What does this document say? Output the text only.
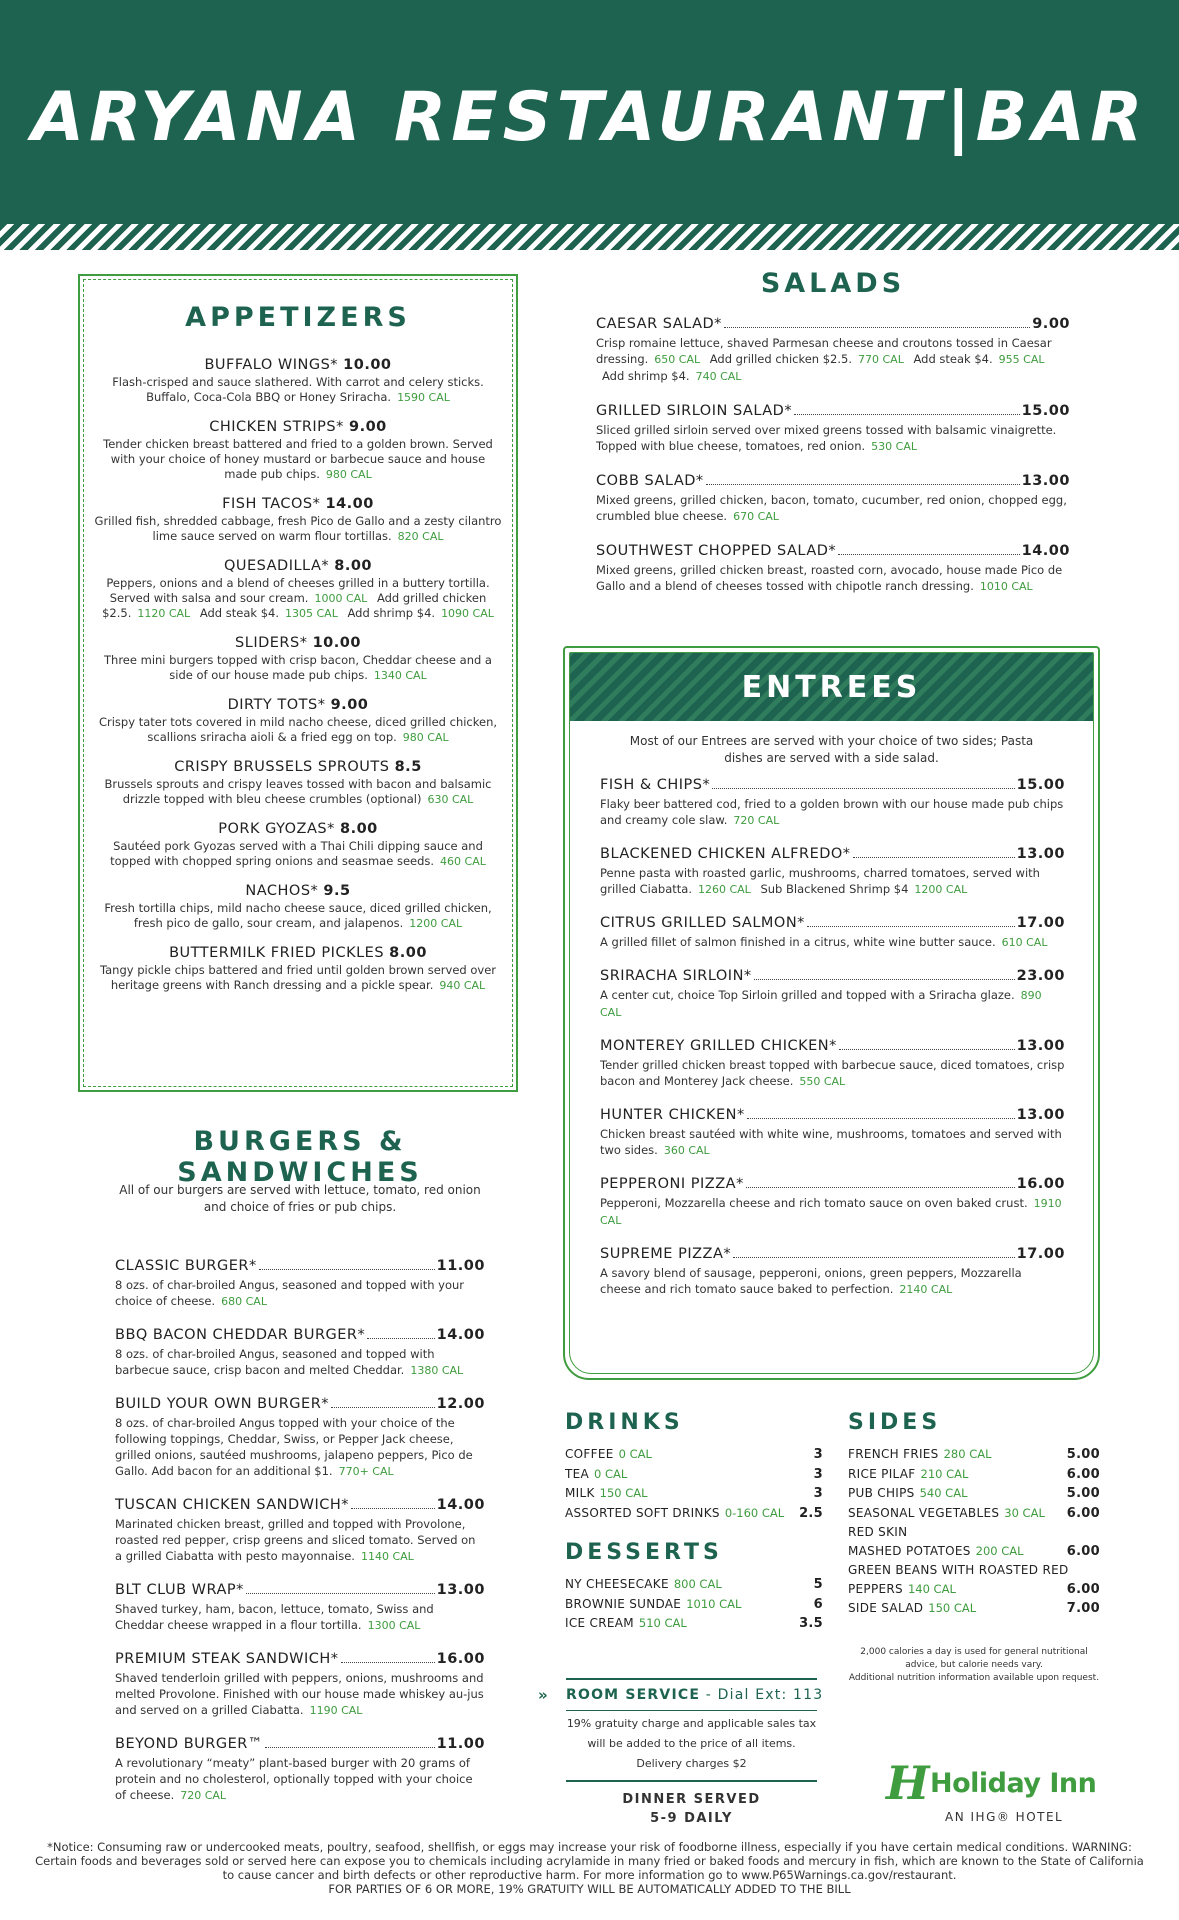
ARYANA RESTAURANT|BAR
APPETIZERS
BUFFALO WINGS* 10.00
Flash-crisped and sauce slathered. With carrot and celery sticks. Buffalo, Coca-Cola BBQ or Honey Sriracha. 1590 CAL
CHICKEN STRIPS* 9.00
Tender chicken breast battered and fried to a golden brown. Served with your choice of honey mustard or barbecue sauce and house made pub chips. 980 CAL
FISH TACOS* 14.00
Grilled fish, shredded cabbage, fresh Pico de Gallo and a zesty cilantro lime sauce served on warm flour tortillas. 820 CAL
QUESADILLA* 8.00
Peppers, onions and a blend of cheeses grilled in a buttery tortilla. Served with salsa and sour cream. 1000 CAL Add grilled chicken $2.5. 1120 CAL Add steak $4. 1305 CAL Add shrimp $4. 1090 CAL
SLIDERS* 10.00
Three mini burgers topped with crisp bacon, Cheddar cheese and a side of our house made pub chips. 1340 CAL
DIRTY TOTS* 9.00
Crispy tater tots covered in mild nacho cheese, diced grilled chicken, scallions sriracha aioli & a fried egg on top. 980 CAL
CRISPY BRUSSELS SPROUTS 8.5
Brussels sprouts and crispy leaves tossed with bacon and balsamic drizzle topped with bleu cheese crumbles (optional) 630 CAL
PORK GYOZAS* 8.00
Sautéed pork Gyozas served with a Thai Chili dipping sauce and topped with chopped spring onions and seasmae seeds. 460 CAL
NACHOS* 9.5
Fresh tortilla chips, mild nacho cheese sauce, diced grilled chicken, fresh pico de gallo, sour cream, and jalapenos. 1200 CAL
BUTTERMILK FRIED PICKLES 8.00
Tangy pickle chips battered and fried until golden brown served over heritage greens with Ranch dressing and a pickle spear. 940 CAL
SALADS
CAESAR SALAD*	9.00
Crisp romaine lettuce, shaved Parmesan cheese and croutons tossed in Caesar dressing. 650 CAL Add grilled chicken $2.5. 770 CAL Add steak $4. 955 CAL Add shrimp $4. 740 CAL
GRILLED SIRLOIN SALAD*	15.00
Sliced grilled sirloin served over mixed greens tossed with balsamic vinaigrette. Topped with blue cheese, tomatoes, red onion. 530 CAL
COBB SALAD*	13.00
Mixed greens, grilled chicken, bacon, tomato, cucumber, red onion, chopped egg, crumbled blue cheese. 670 CAL
SOUTHWEST CHOPPED SALAD*	14.00
Mixed greens, grilled chicken breast, roasted corn, avocado, house made Pico de Gallo and a blend of cheeses tossed with chipotle ranch dressing. 1010 CAL
ENTREES
Most of our Entrees are served with your choice of two sides; Pasta dishes are served with a side salad.
FISH & CHIPS*	15.00
Flaky beer battered cod, fried to a golden brown with our house made pub chips and creamy cole slaw. 720 CAL
BLACKENED CHICKEN ALFREDO*	13.00
Penne pasta with roasted garlic, mushrooms, charred tomatoes, served with grilled Ciabatta. 1260 CAL Sub Blackened Shrimp $4 1200 CAL
CITRUS GRILLED SALMON*	17.00
A grilled fillet of salmon finished in a citrus, white wine butter sauce. 610 CAL
SRIRACHA SIRLOIN*	23.00
A center cut, choice Top Sirloin grilled and topped with a Sriracha glaze. 890 CAL
MONTEREY GRILLED CHICKEN*	13.00
Tender grilled chicken breast topped with barbecue sauce, diced tomatoes, crisp bacon and Monterey Jack cheese. 550 CAL
HUNTER CHICKEN*	13.00
Chicken breast sautéed with white wine, mushrooms, tomatoes and served with two sides. 360 CAL
PEPPERONI PIZZA*	16.00
Pepperoni, Mozzarella cheese and rich tomato sauce on oven baked crust. 1910 CAL
SUPREME PIZZA*	17.00
A savory blend of sausage, pepperoni, onions, green peppers, Mozzarella cheese and rich tomato sauce baked to perfection. 2140 CAL
BURGERS & SANDWICHES
All of our burgers are served with lettuce, tomato, red onion and choice of fries or pub chips.
CLASSIC BURGER*	11.00
8 ozs. of char-broiled Angus, seasoned and topped with your choice of cheese. 680 CAL
BBQ BACON CHEDDAR BURGER*	14.00
8 ozs. of char-broiled Angus, seasoned and topped with barbecue sauce, crisp bacon and melted Cheddar. 1380 CAL
BUILD YOUR OWN BURGER*	12.00
8 ozs. of char-broiled Angus topped with your choice of the following toppings, Cheddar, Swiss, or Pepper Jack cheese, grilled onions, sautéed mushrooms, jalapeno peppers, Pico de Gallo. Add bacon for an additional $1. 770+ CAL
TUSCAN CHICKEN SANDWICH*	14.00
Marinated chicken breast, grilled and topped with Provolone, roasted red pepper, crisp greens and sliced tomato. Served on a grilled Ciabatta with pesto mayonnaise. 1140 CAL
BLT CLUB WRAP*	13.00
Shaved turkey, ham, bacon, lettuce, tomato, Swiss and Cheddar cheese wrapped in a flour tortilla. 1300 CAL
PREMIUM STEAK SANDWICH*	16.00
Shaved tenderloin grilled with peppers, onions, mushrooms and melted Provolone. Finished with our house made whiskey au-jus and served on a grilled Ciabatta. 1190 CAL
BEYOND BURGER™	11.00
A revolutionary “meaty” plant-based burger with 20 grams of protein and no cholesterol, optionally topped with your choice of cheese. 720 CAL
DRINKS
COFFEE 0 CAL	3
TEA 0 CAL	3
MILK 150 CAL	3
ASSORTED SOFT DRINKS 0-160 CAL 2.5
DESSERTS
NY CHEESECAKE 800 CAL	5
BROWNIE SUNDAE 1010 CAL	6
ICE CREAM 510 CAL	3.5
SIDES
FRENCH FRIES 280 CAL	5.00
RICE PILAF 210 CAL	6.00
PUB CHIPS 540 CAL	5.00
SEASONAL VEGETABLES 30 CAL 6.00
RED SKIN
MASHED POTATOES 200 CAL	6.00
GREEN BEANS WITH ROASTED RED
PEPPERS 140 CAL	6.00
SIDE SALAD 150 CAL	7.00
2,000 calories a day is used for general nutritional advice, but calorie needs vary.
Additional nutrition information available upon request.
»	ROOM SERVICE - Dial Ext: 113
19% gratuity charge and applicable sales tax
will be added to the price of all items.
Delivery charges $2
DINNER SERVED
5-9 DAILY
H Holiday Inn
AN IHG® HOTEL
*Notice: Consuming raw or undercooked meats, poultry, seafood, shellfish, or eggs may increase your risk of foodborne illness, especially if you have certain medical conditions. WARNING: Certain foods and beverages sold or served here can expose you to chemicals including acrylamide in many fried or baked foods and mercury in fish, which are known to the State of California to cause cancer and birth defects or other reproductive harm. For more information go to www.P65Warnings.ca.gov/restaurant.
FOR PARTIES OF 6 OR MORE, 19% GRATUITY WILL BE AUTOMATICALLY ADDED TO THE BILL
